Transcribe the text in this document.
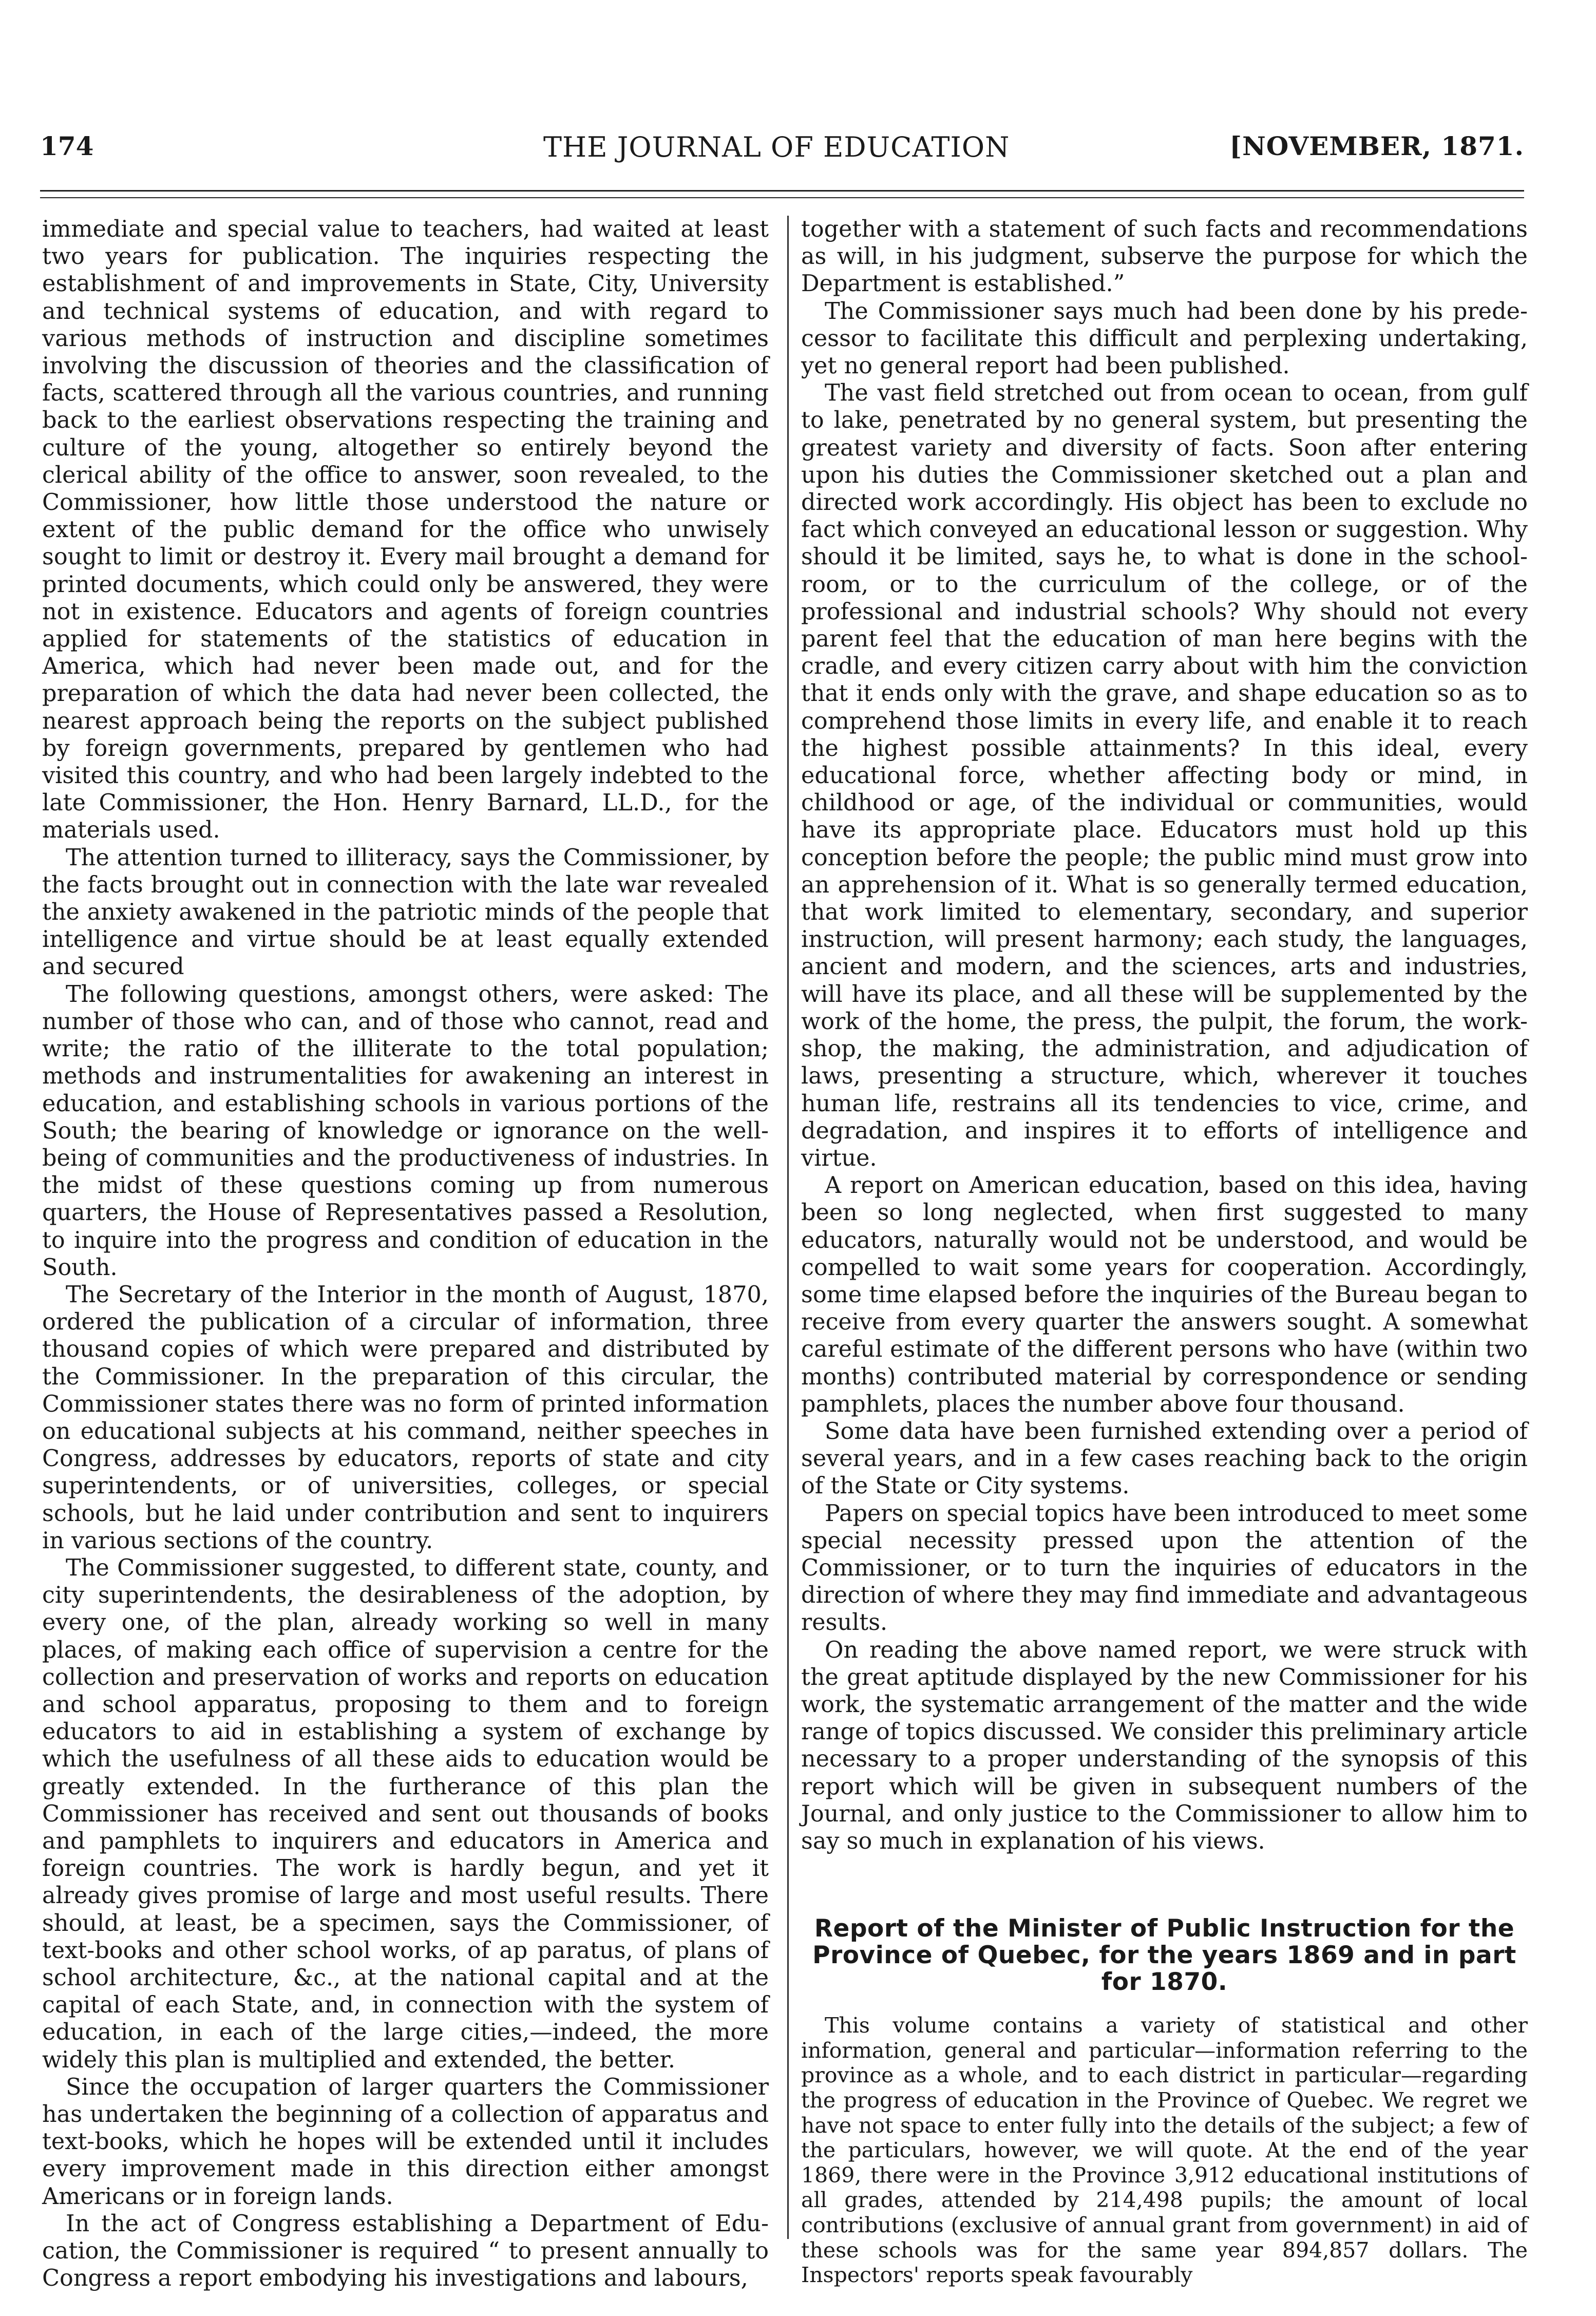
174	THE JOURNAL OF EDUCATION	[NOVEMBER, 1871.

immediate and special value to teachers, had waited at least two years for publication. The inquiries respecting the establishment of and improvements in State, City, University and technical systems of education, and with regard to various methods of instruction and discipline sometimes involving the discussion of theories and the classification of facts, scattered through all the various countries, and running back to the earliest observations respecting the training and culture of the young, altogether so entirely beyond the clerical ability of the office to answer, soon revealed, to the Commissioner, how little those understood the nature or extent of the public demand for the office who unwisely sought to limit or destroy it. Every mail brought a demand for printed documents, which could only be answered, they were not in existence. Educators and agents of foreign countries applied for statements of the statistics of education in America, which had never been made out, and for the preparation of which the data had never been collected, the nearest approach being the reports on the subject published by foreign governments, prepared by gentlemen who had visited this country, and who had been largely indebted to the late Commissioner, the Hon. Henry Barnard, LL.D., for the materials used.

The attention turned to illiteracy, says the Commissioner, by the facts brought out in connection with the late war revealed the anxiety awakened in the patriotic minds of the people that intelligence and virtue should be at least equally extended and secured

The following questions, amongst others, were asked: The number of those who can, and of those who cannot, read and write; the ratio of the illiterate to the total population; methods and instrumentalities for awakening an interest in education, and establishing schools in various portions of the South; the bearing of knowledge or ignorance on the well-being of communities and the productiveness of industries. In the midst of these questions coming up from numerous quarters, the House of Representatives passed a Resolution, to inquire into the progress and condition of education in the South.

The Secretary of the Interior in the month of August, 1870, ordered the publication of a circular of information, three thousand copies of which were prepared and distributed by the Commissioner. In the preparation of this circular, the Commissioner states there was no form of printed information on educational subjects at his command, neither speeches in Congress, addresses by educators, reports of state and city superintendents, or of universities, colleges, or special schools, but he laid under contribution and sent to inquirers in various sections of the country.

The Commissioner suggested, to different state, county, and city superintendents, the desirableness of the adoption, by every one, of the plan, already working so well in many places, of making each office of supervision a centre for the collection and preservation of works and reports on education and school apparatus, proposing to them and to foreign educators to aid in establishing a system of exchange by which the usefulness of all these aids to education would be greatly extended. In the furtherance of this plan the Commissioner has received and sent out thousands of books and pamphlets to inquirers and educators in America and foreign countries. The work is hardly begun, and yet it already gives promise of large and most useful results. There should, at least, be a specimen, says the Commissioner, of text-books and other school works, of ap paratus, of plans of school architecture, &c., at the national capital and at the capital of each State, and, in connection with the system of education, in each of the large cities,—indeed, the more widely this plan is multiplied and extended, the better.

Since the occupation of larger quarters the Commissioner has undertaken the beginning of a collection of apparatus and text-books, which he hopes will be extended until it includes every improvement made in this direction either amongst Americans or in foreign lands.

In the act of Congress establishing a Department of Education, the Commissioner is required “ to present annually to Congress a report embodying his investigations and labours,

together with a statement of such facts and recommendations as will, in his judgment, subserve the purpose for which the Department is established.”

The Commissioner says much had been done by his predecessor to facilitate this difficult and perplexing undertaking, yet no general report had been published.

The vast field stretched out from ocean to ocean, from gulf to lake, penetrated by no general system, but presenting the greatest variety and diversity of facts. Soon after entering upon his duties the Commissioner sketched out a plan and directed work accordingly. His object has been to exclude no fact which conveyed an educational lesson or suggestion. Why should it be limited, says he, to what is done in the school-room, or to the curriculum of the college, or of the professional and industrial schools? Why should not every parent feel that the education of man here begins with the cradle, and every citizen carry about with him the conviction that it ends only with the grave, and shape education so as to comprehend those limits in every life, and enable it to reach the highest possible attainments? In this ideal, every educational force, whether affecting body or mind, in childhood or age, of the individual or communities, would have its appropriate place. Educators must hold up this conception before the people; the public mind must grow into an apprehension of it. What is so generally termed education, that work limited to elementary, secondary, and superior instruction, will present harmony; each study, the languages, ancient and modern, and the sciences, arts and industries, will have its place, and all these will be supplemented by the work of the home, the press, the pulpit, the forum, the work-shop, the making, the administration, and adjudication of laws, presenting a structure, which, wherever it touches human life, restrains all its tendencies to vice, crime, and degradation, and inspires it to efforts of intelligence and virtue.

A report on American education, based on this idea, having been so long neglected, when first suggested to many educators, naturally would not be understood, and would be compelled to wait some years for cooperation. Accordingly, some time elapsed before the inquiries of the Bureau began to receive from every quarter the answers sought. A somewhat careful estimate of the different persons who have (within two months) contributed material by correspondence or sending pamphlets, places the number above four thousand.

Some data have been furnished extending over a period of several years, and in a few cases reaching back to the origin of the State or City systems.

Papers on special topics have been introduced to meet some special necessity pressed upon the attention of the Commissioner, or to turn the inquiries of educators in the direction of where they may find immediate and advantageous results.

On reading the above named report, we were struck with the great aptitude displayed by the new Commissioner for his work, the systematic arrangement of the matter and the wide range of topics discussed. We consider this preliminary article necessary to a proper understanding of the synopsis of this report which will be given in subsequent numbers of the Journal, and only justice to the Commissioner to allow him to say so much in explanation of his views.

Report of the Minister of Public Instruction for the Province of Quebec, for the years 1869 and in part for 1870.

This volume contains a variety of statistical and other information, general and particular—information referring to the province as a whole, and to each district in particular—regarding the progress of education in the Province of Quebec. We regret we have not space to enter fully into the details of the subject; a few of the particulars, however, we will quote. At the end of the year 1869, there were in the Province 3,912 educational institutions of all grades, attended by 214,498 pupils; the amount of local contributions (exclusive of annual grant from government) in aid of these schools was for the same year 894,857 dollars. The Inspectors' reports speak favourably
